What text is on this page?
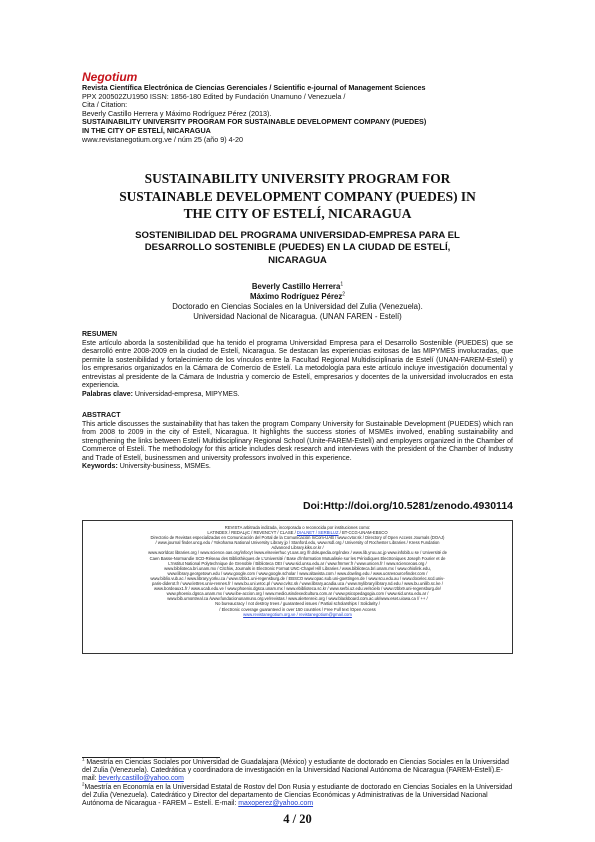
Negotium

Revista Científica Electrónica de Ciencias Gerenciales / Scientific e-journal of Management Sciences

PPX 200502ZU1950 ISSN: 1856-180 Edited by Fundación Unamuno / Venezuela /

Cita / Citation:

Beverly Castillo Herrera y Máximo Rodríguez Pérez (2013).

SUSTAINABILITY UNIVERSITY PROGRAM FOR SUSTAINABLE DEVELOPMENT COMPANY (PUEDES)

IN THE CITY OF ESTELÍ, NICARAGUA

www.revistanegotium.org.ve / núm 25 (año 9) 4-20

SUSTAINABILITY UNIVERSITY PROGRAM FOR
SUSTAINABLE DEVELOPMENT COMPANY (PUEDES) IN
THE CITY OF ESTELÍ, NICARAGUA
SOSTENIBILIDAD DEL PROGRAMA UNIVERSIDAD-EMPRESA PARA EL
DESARROLLO SOSTENIBLE (PUEDES) EN LA CIUDAD DE ESTELÍ,
NICARAGUA
Beverly Castillo Herrera$^1$
Máximo Rodríguez Pérez$^2$
Doctorado en Ciencias Sociales en la Universidad del Zulia (Venezuela).
Universidad Nacional de Nicaragua. (UNAN FAREN - Estelí)

RESUMEN

Este artículo aborda la sostenibilidad que ha tenido el programa Universidad Empresa para el Desarrollo Sostenible (PUEDES) que se desarrolló entre 2008-2009 en la ciudad de Estelí, Nicaragua. Se destacan las experiencias exitosas de las MIPYMES involucradas, que permite la sostenibilidad y fortalecimiento de los vínculos entre la Facultad Regional Multidisciplinaria de Estelí (UNAN-FAREM-Estelí) y los empresarios organizados en la Cámara de Comercio de Estelí. La metodología para este artículo incluye investigación documental y entrevistas al presidente de la Cámara de Industria y comercio de Estelí, empresarios y docentes de la universidad involucrados en esta experiencia.

Palabras clave: Universidad-empresa, MIPYMES.

ABSTRACT

This article discusses the sustainability that has taken the program Company University for Sustainable Development (PUEDES) which ran from 2008 to 2009 in the city of Estelí, Nicaragua. It highlights the success stories of MSMEs involved, enabling sustainability and strengthening the links between Estelí Multidisciplinary Regional School (Unite-FAREM-Estelí) and employers organized in the Chamber of Commerce of Estelí. The methodology for this article includes desk research and interviews with the president of the Chamber of Industry and Trade of Estelí, businessmen and university professors involved in this experience.

Keywords: University-business, MSMEs.

Doi:Http://doi.org/10.5281/zenodo.4930114

REVISTA arbitrada indizada, incorporada o reconocida por instituciones como:

LATINDEX / REDALyC / REVENCYT / CLASE / DIALNET / SERBILUZ / BT-CCG-UNAM-EBSCO

Directorio de Revistas especializadas en Comunicación del Portal de la Comunicación InCom-UAB / www.cvtor.sk / Directory of Open Access Journals (DOAJ)

/ www.journal finder.uncg.edu / Yokohama National University Library jp / Stanford.edu, www.rsdl.org / University of Rochester Libraries / Kress Fundation

Advanced Library.kiks.or.kr /

www.worldcat libraries.org / www.science.oas.org/infocyt /www.elsevierhuc yt.oas.org /fr.dokupedia.org/index / www.lib.yruu.ac.jp www.infobib.u se / Université de

Caen Basse-Normandie SCD-Réseau des Bibliothèques de L'Université / Base d'information Mutualisée sur les Périodiques Electroniques Joseph Fourier et de

L'Institut National Polytechnique de Grenoble / Biblioteca OEI / www.sid.unsu.edu.ar / www.fmrner.fr / www.unicen.fr / www.scienceoas.org /

www.biblioteca.bri.unam.mx / Citchiw, Journals in Electronic Format UNC-Chapel Hill Libraries / www.biblioteca.bri.unam.mx / www.ohiolink.edu,

www.library.georgetown.edu / www.google.com / www.google.scholar / www.altavista.com / www.dowling.edu / www.ucsresourcefinder.com /

www.biblio.vub.ac / www.library.yorku.ca / www.rzblx1.uni-regensburg.de / EBSCO www.opac.sub.uni-goettingen.de / www.scu.edu.au / www.docelec.scd.univ-

paris-diderot.fr / www.lettres.univ-rennes.fr / www.bu.uni.wroc.pl / www.cvlsc.sk / www.library.acadia.uca / www.mylibrary.library.nd.edu / www.bu.unilib.sc.ke /

www.bordeaux1.fr / www.ucab.edu.ve / www.phoenix.dgsca.unam.mx / www.ebiblioteca.sc.kr / www.serbi.uz.edu.ve/scielo / www.rzblx9.uni-regensburg.de/

www.phoenix.dgsca.unam.mx / www.ibe-accion.org / www.medicusindexedcultura.com.ar / www.psicopedagogia.com / www.sid.unsu.edu.ar /

www.bib.umontreal.ca /www.fundacionunamuno.org.ve/revistas / www.alertenreic.org / www.blackboard.com.ac.uk/www.eset.uiowa.ca // ++ /

No bureaucracy / not destroy trees / guaranteed issues / Partial scholarships / Solidarity /

/ Electronic coverage guaranteed in over 150 countries / Free Full text /Open Access

www.revistanegotium.org.ve / revistanegotium@gmail.com

$^1$ Maestría en Ciencias Sociales por Universidad de Guadalajara (México) y estudiante de doctorado en Ciencias Sociales en la Universidad del Zulia (Venezuela). Catedrática y coordinadora de investigación en la Universidad Nacional Autónoma de Nicaragua (FAREM-Estelí).E-mail: beverly.castillo@yahoo.com

$^2$Maestría en Economía en la Universidad Estatal de Rostov del Don Rusia y estudiante de doctorado en Ciencias Sociales en la Universidad del Zulia (Venezuela). Catedrático y Director del departamento de Ciencias Económicas y Administrativas de la Universidad Nacional Autónoma de Nicaragua - FAREM – Estelí. E-mail: maxoperez@yahoo.com

4 / 20
